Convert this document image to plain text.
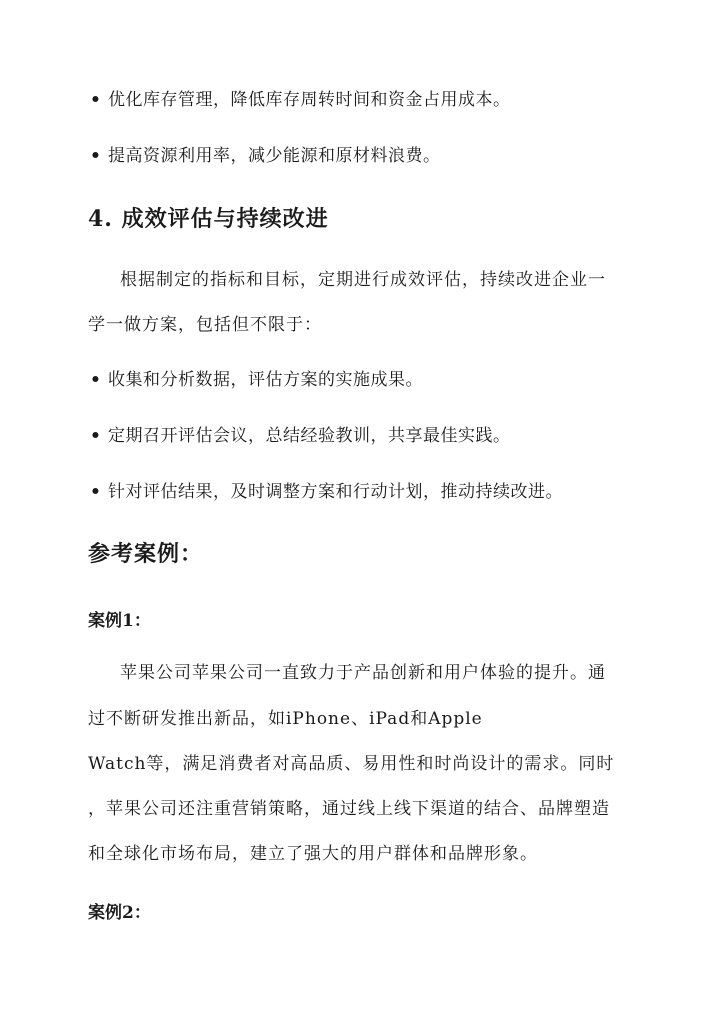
• 优化库存管理，降低库存周转时间和资金占用成本。
• 提高资源利用率，减少能源和原材料浪费。
4. 成效评估与持续改进
根据制定的指标和目标，定期进行成效评估，持续改进企业一
学一做方案，包括但不限于：
• 收集和分析数据，评估方案的实施成果。
• 定期召开评估会议，总结经验教训，共享最佳实践。
• 针对评估结果，及时调整方案和行动计划，推动持续改进。
参考案例：
案例1：
苹果公司苹果公司一直致力于产品创新和用户体验的提升。通
过不断研发推出新品，如iPhone、iPad和Apple
Watch等，满足消费者对高品质、易用性和时尚设计的需求。同时
，苹果公司还注重营销策略，通过线上线下渠道的结合、品牌塑造
和全球化市场布局，建立了强大的用户群体和品牌形象。
案例2：
